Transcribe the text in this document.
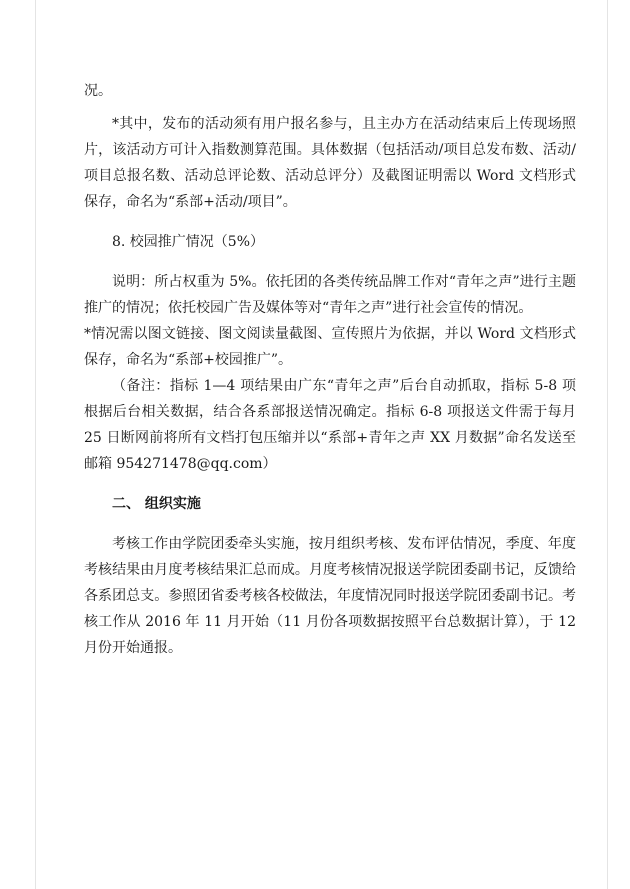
况。

*其中，发布的活动须有用户报名参与，且主办方在活动结束后上传现场照片，该活动方可计入指数测算范围。具体数据（包括活动/项目总发布数、活动/项目总报名数、活动总评论数、活动总评分）及截图证明需以 Word 文档形式保存，命名为“系部+活动/项目”。

8. 校园推广情况（5%）

说明：所占权重为 5%。依托团的各类传统品牌工作对“青年之声”进行主题推广的情况；依托校园广告及媒体等对“青年之声”进行社会宣传的情况。

*情况需以图文链接、图文阅读量截图、宣传照片为依据，并以 Word 文档形式保存，命名为“系部+校园推广”。

（备注：指标 1—4 项结果由广东“青年之声”后台自动抓取，指标 5-8 项根据后台相关数据，结合各系部报送情况确定。指标 6-8 项报送文件需于每月 25 日断网前将所有文档打包压缩并以“系部+青年之声 XX 月数据”命名发送至邮箱 954271478@qq.com）

二、 组织实施

考核工作由学院团委牵头实施，按月组织考核、发布评估情况，季度、年度考核结果由月度考核结果汇总而成。月度考核情况报送学院团委副书记，反馈给各系团总支。参照团省委考核各校做法，年度情况同时报送学院团委副书记。考核工作从 2016 年 11 月开始（11 月份各项数据按照平台总数据计算），于 12 月份开始通报。
